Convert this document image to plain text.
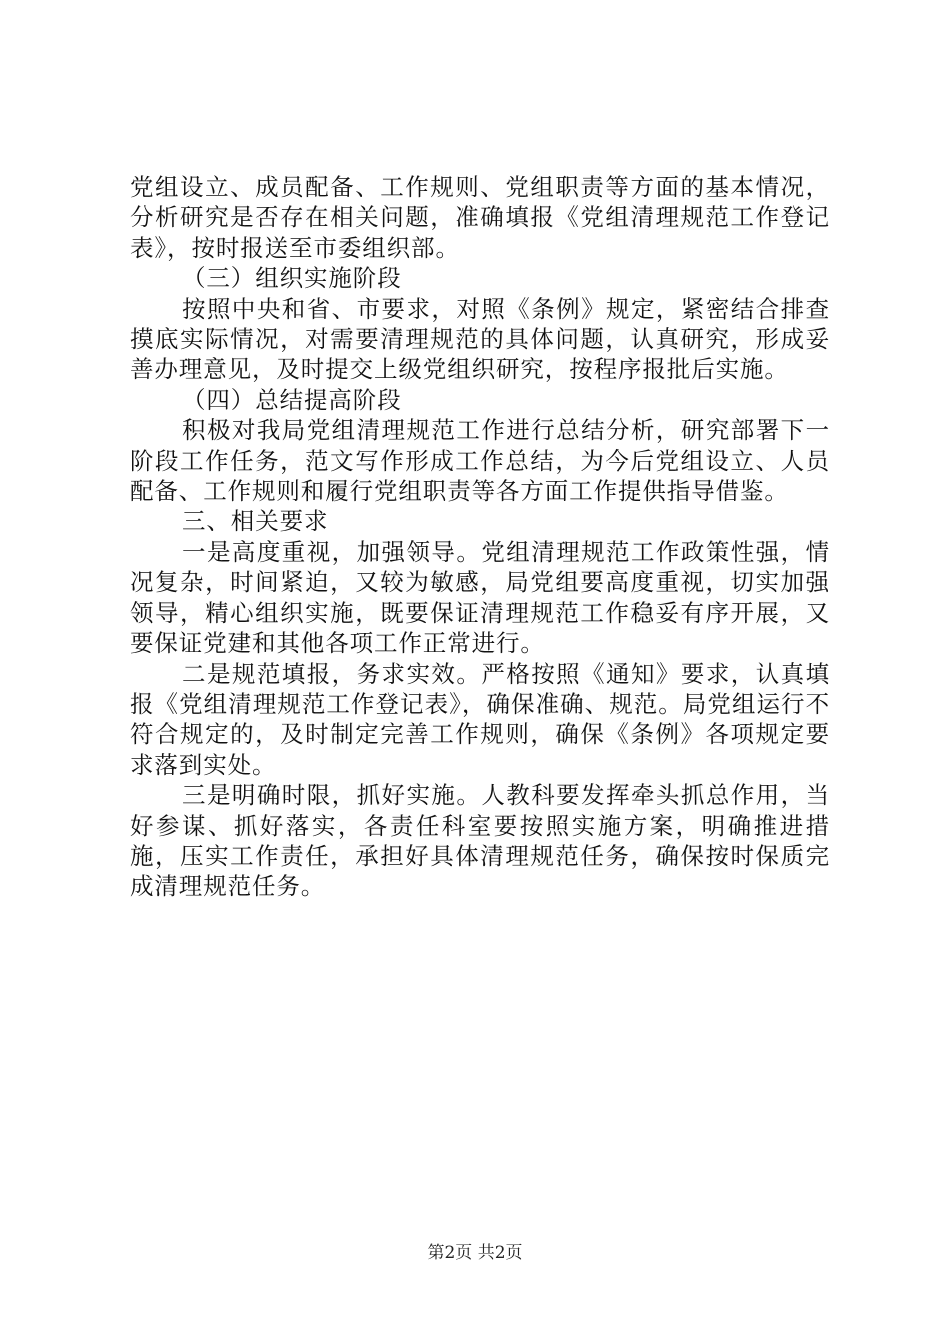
党组设立、成员配备、工作规则、党组职责等方面的基本情况，分析研究是否存在相关问题，准确填报《党组清理规范工作登记表》，按时报送至市委组织部。

（三）组织实施阶段

按照中央和省、市要求，对照《条例》规定，紧密结合排查摸底实际情况，对需要清理规范的具体问题，认真研究，形成妥善办理意见，及时提交上级党组织研究，按程序报批后实施。

（四）总结提高阶段

积极对我局党组清理规范工作进行总结分析，研究部署下一阶段工作任务，范文写作形成工作总结，为今后党组设立、人员配备、工作规则和履行党组职责等各方面工作提供指导借鉴。

三、相关要求

一是高度重视，加强领导。党组清理规范工作政策性强，情况复杂，时间紧迫，又较为敏感，局党组要高度重视，切实加强领导，精心组织实施，既要保证清理规范工作稳妥有序开展，又要保证党建和其他各项工作正常进行。

二是规范填报，务求实效。严格按照《通知》要求，认真填报《党组清理规范工作登记表》，确保准确、规范。局党组运行不符合规定的，及时制定完善工作规则，确保《条例》各项规定要求落到实处。

三是明确时限，抓好实施。人教科要发挥牵头抓总作用，当好参谋、抓好落实，各责任科室要按照实施方案，明确推进措施，压实工作责任，承担好具体清理规范任务，确保按时保质完成清理规范任务。

第2页 共2页
